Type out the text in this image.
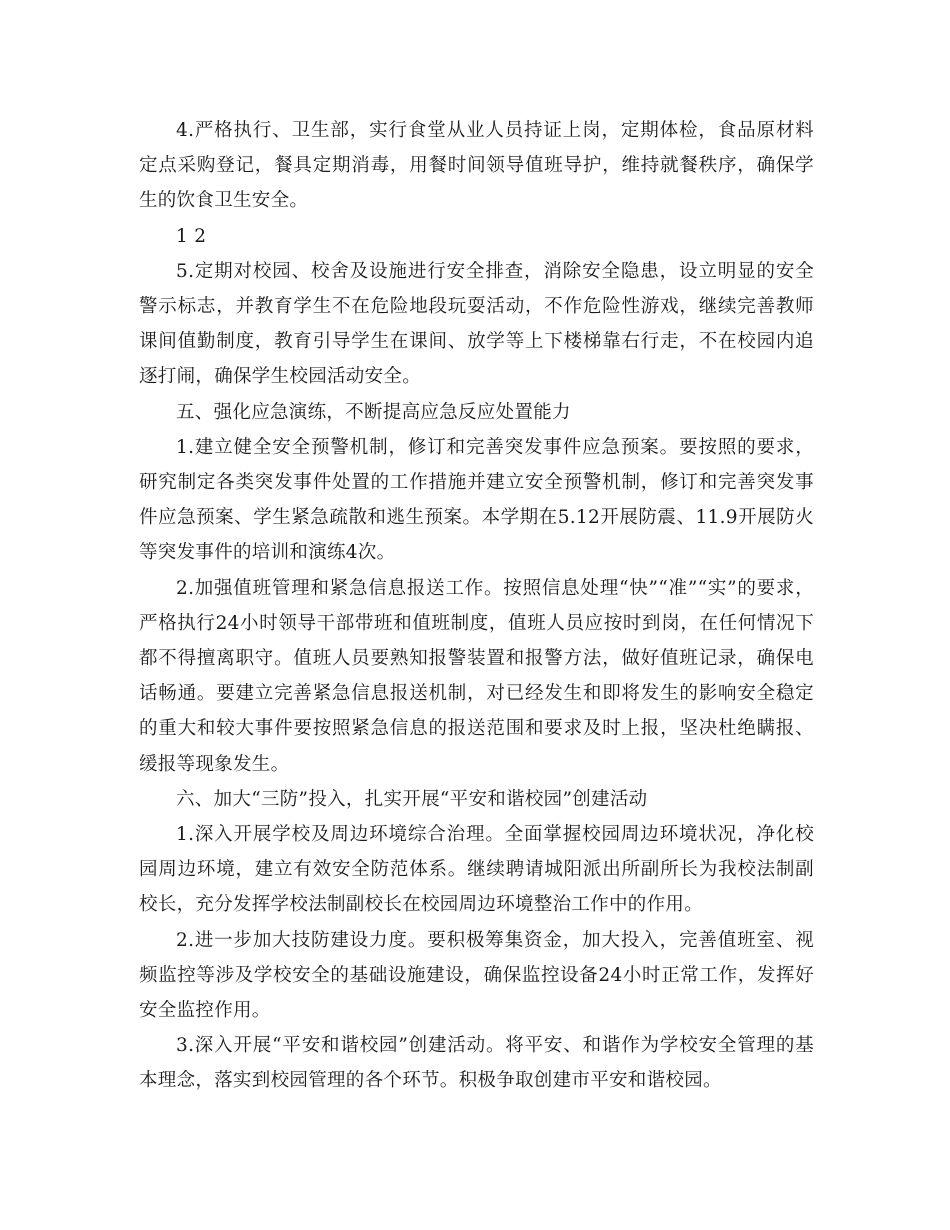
4.严格执行、卫生部，实行食堂从业人员持证上岗，定期体检，食品原材料定点采购登记，餐具定期消毒，用餐时间领导值班导护，维持就餐秩序，确保学生的饮食卫生安全。

1 2

5.定期对校园、校舍及设施进行安全排查，消除安全隐患，设立明显的安全警示标志，并教育学生不在危险地段玩耍活动，不作危险性游戏，继续完善教师课间值勤制度，教育引导学生在课间、放学等上下楼梯靠右行走，不在校园内追逐打闹，确保学生校园活动安全。

五、强化应急演练，不断提高应急反应处置能力

1.建立健全安全预警机制，修订和完善突发事件应急预案。要按照的要求，研究制定各类突发事件处置的工作措施并建立安全预警机制，修订和完善突发事件应急预案、学生紧急疏散和逃生预案。本学期在5.12开展防震、11.9开展防火等突发事件的培训和演练4次。

2.加强值班管理和紧急信息报送工作。按照信息处理“快”“准”“实”的要求，严格执行24小时领导干部带班和值班制度，值班人员应按时到岗，在任何情况下都不得擅离职守。值班人员要熟知报警装置和报警方法，做好值班记录，确保电话畅通。要建立完善紧急信息报送机制，对已经发生和即将发生的影响安全稳定的重大和较大事件要按照紧急信息的报送范围和要求及时上报，坚决杜绝瞒报、缓报等现象发生。

六、加大“三防”投入，扎实开展“平安和谐校园”创建活动

1.深入开展学校及周边环境综合治理。全面掌握校园周边环境状况，净化校园周边环境，建立有效安全防范体系。继续聘请城阳派出所副所长为我校法制副校长，充分发挥学校法制副校长在校园周边环境整治工作中的作用。

2.进一步加大技防建设力度。要积极筹集资金，加大投入，完善值班室、视频监控等涉及学校安全的基础设施建设，确保监控设备24小时正常工作，发挥好安全监控作用。

3.深入开展“平安和谐校园”创建活动。将平安、和谐作为学校安全管理的基本理念，落实到校园管理的各个环节。积极争取创建市平安和谐校园。
